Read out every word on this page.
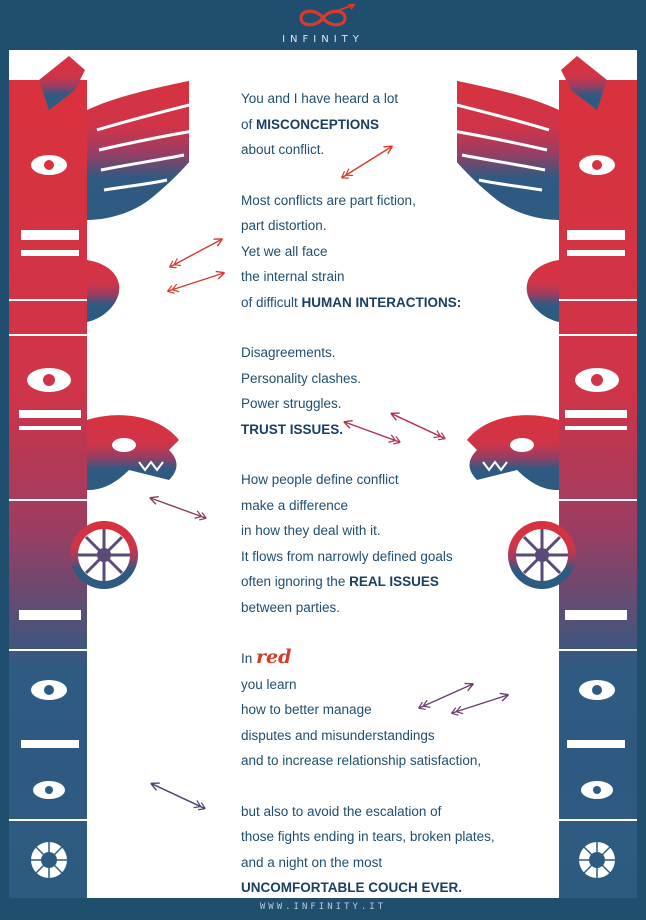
INFINITY
You and I have heard a lot
of MISCONCEPTIONS
about conflict.
Most conflicts are part fiction,
part distortion.
Yet we all face
the internal strain
of difficult HUMAN INTERACTIONS:
Disagreements.
Personality clashes.
Power struggles.
TRUST ISSUES.
How people define conflict
make a difference
in how they deal with it.
It flows from narrowly defined goals
often ignoring the REAL ISSUES
between parties.
In red
you learn
how to better manage
disputes and misunderstandings
and to increase relationship satisfaction,
but also to avoid the escalation of
those fights ending in tears, broken plates,
and a night on the most
UNCOMFORTABLE COUCH EVER.
WWW.INFINITY.IT
